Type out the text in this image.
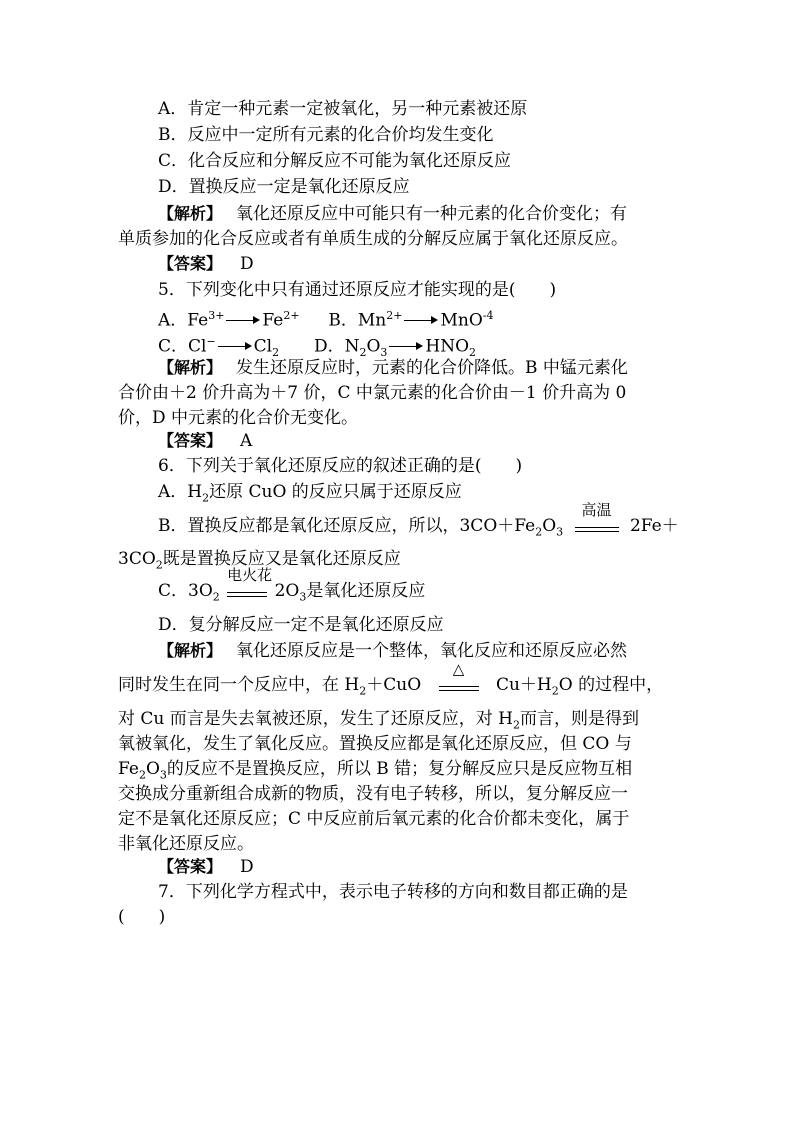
A．肯定一种元素一定被氧化，另一种元素被还原
B．反应中一定所有元素的化合价均发生变化
C．化合反应和分解反应不可能为氧化还原反应
D．置换反应一定是氧化还原反应
【解析】 氧化还原反应中可能只有一种元素的化合价变化；有
单质参加的化合反应或者有单质生成的分解反应属于氧化还原反应。
【答案】 D
5．下列变化中只有通过还原反应才能实现的是(　　)
A．$Fe^{3+}$ $Fe^{2+}$ B．$Mn^{2+}$ MnO$^{-4}$
C．Cl− $Cl_2$ D．$N_2O_3$ $HNO_2$
【解析】 发生还原反应时，元素的化合价降低。B 中锰元素化
合价由＋2 价升高为＋7 价，C 中氯元素的化合价由－1 价升高为 0
价，D 中元素的化合价无变化。
【答案】 A
6．下列关于氧化还原反应的叙述正确的是(　　)
A．$H_2$还原 CuO 的反应只属于还原反应
B．置换反应都是氧化还原反应，所以，$3CO+Fe_2O_3$
高温
2Fe＋
$3CO_2$既是置换反应又是氧化还原反应
C．$3O_2$
电火花
$2O_3$是氧化还原反应
D．复分解反应一定不是氧化还原反应
【解析】 氧化还原反应是一个整体，氧化反应和还原反应必然
同时发生在同一个反应中，在 $H_2+CuO$
△
$Cu+H_2O$ 的过程中，
对 Cu 而言是失去氧被还原，发生了还原反应，对 $H_2$而言，则是得到
氧被氧化，发生了氧化反应。置换反应都是氧化还原反应，但 CO 与
$Fe_2O_3$的反应不是置换反应，所以 B 错；复分解反应只是反应物互相
交换成分重新组合成新的物质，没有电子转移，所以，复分解反应一
定不是氧化还原反应；C 中反应前后氧元素的化合价都未变化，属于
非氧化还原反应。
【答案】 D
7．下列化学方程式中，表示电子转移的方向和数目都正确的是
(　　)
